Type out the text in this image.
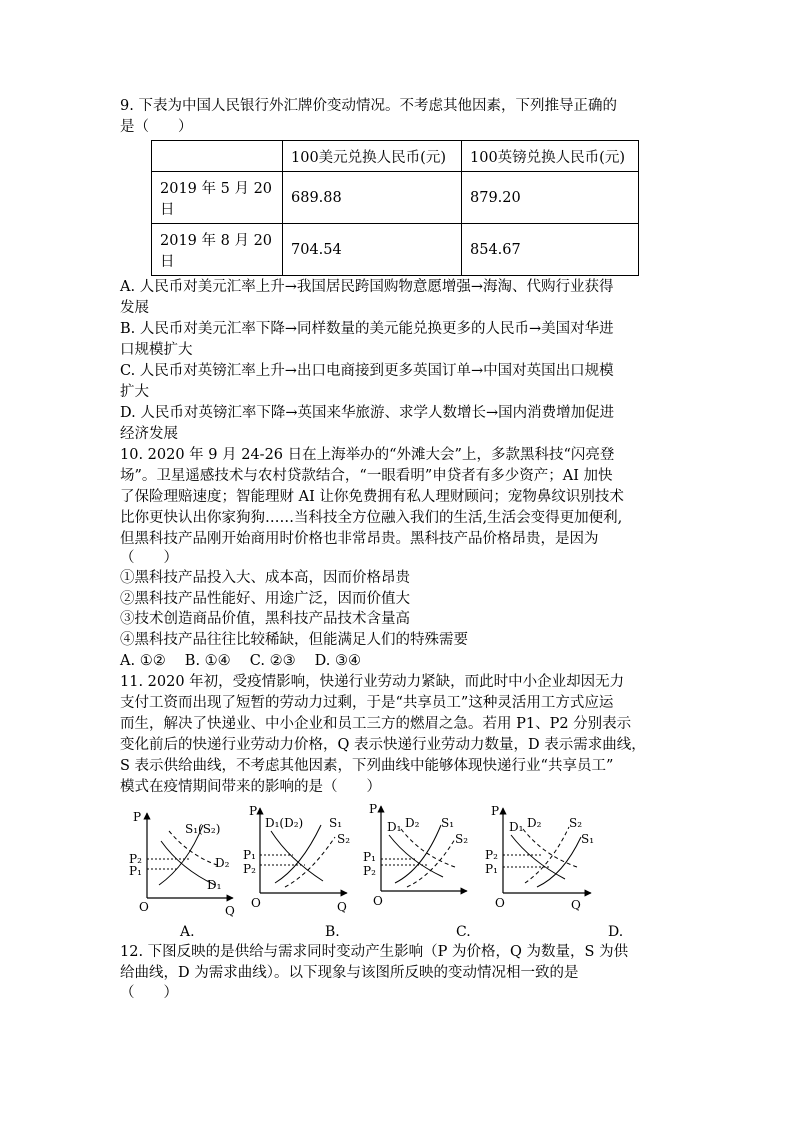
9. 下表为中国人民银行外汇牌价变动情况。不考虑其他因素，下列推导正确的
是（　　）
	100美元兑换人民币(元)	100英镑兑换人民币(元)

2019 年 5 月 20
日	689.88	879.20

2019 年 8 月 20
日	704.54	854.67
A. 人民币对美元汇率上升→我国居民跨国购物意愿增强→海淘、代购行业获得
发展
B. 人民币对美元汇率下降→同样数量的美元能兑换更多的人民币→美国对华进
口规模扩大
C. 人民币对英镑汇率上升→出口电商接到更多英国订单→中国对英国出口规模
扩大
D. 人民币对英镑汇率下降→英国来华旅游、求学人数增长→国内消费增加促进
经济发展
10. 2020 年 9 月 24-26 日在上海举办的“外滩大会”上，多款黑科技“闪亮登
场”。卫星遥感技术与农村贷款结合，“一眼看明”申贷者有多少资产；AI 加快
了保险理赔速度；智能理财 AI 让你免费拥有私人理财顾问；宠物鼻纹识别技术
比你更快认出你家狗狗……当科技全方位融入我们的生活,生活会变得更加便利,
但黑科技产品刚开始商用时价格也非常昂贵。黑科技产品价格昂贵，是因为
（　　）
①黑科技产品投入大、成本高，因而价格昂贵
②黑科技产品性能好、用途广泛，因而价值大
③技术创造商品价值，黑科技产品技术含量高
④黑科技产品往往比较稀缺，但能满足人们的特殊需要
A. ①②　 B. ①④　 C. ②③　 D. ③④
11. 2020 年初，受疫情影响，快递行业劳动力紧缺，而此时中小企业却因无力
支付工资而出现了短暂的劳动力过剩，于是“共享员工”这种灵活用工方式应运
而生，解决了快递业、中小企业和员工三方的燃眉之急。若用 P1、P2 分别表示
变化前后的快递行业劳动力价格，Q 表示快递行业劳动力数量，D 表示需求曲线，
S 表示供给曲线，不考虑其他因素，下列曲线中能够体现快递行业“共享员工”
模式在疫情期间带来的影响的是（　　）
P
Q
O
P₂
P₁
S₁(S₂)
D₂
D₁
P
Q
O
P₁
P₂
D₁(D₂) S₁
S₂
P
O
P₁
P₂
D₁ D₂ S₁
S₂
P
Q
O
P₂
P₁
D₁ D₂ S₂
S₁
A.	B.	C.	D.
12. 下图反映的是供给与需求同时变动产生影响（P 为价格，Q 为数量，S 为供
给曲线，D 为需求曲线）。以下现象与该图所反映的变动情况相一致的是
（　　）
